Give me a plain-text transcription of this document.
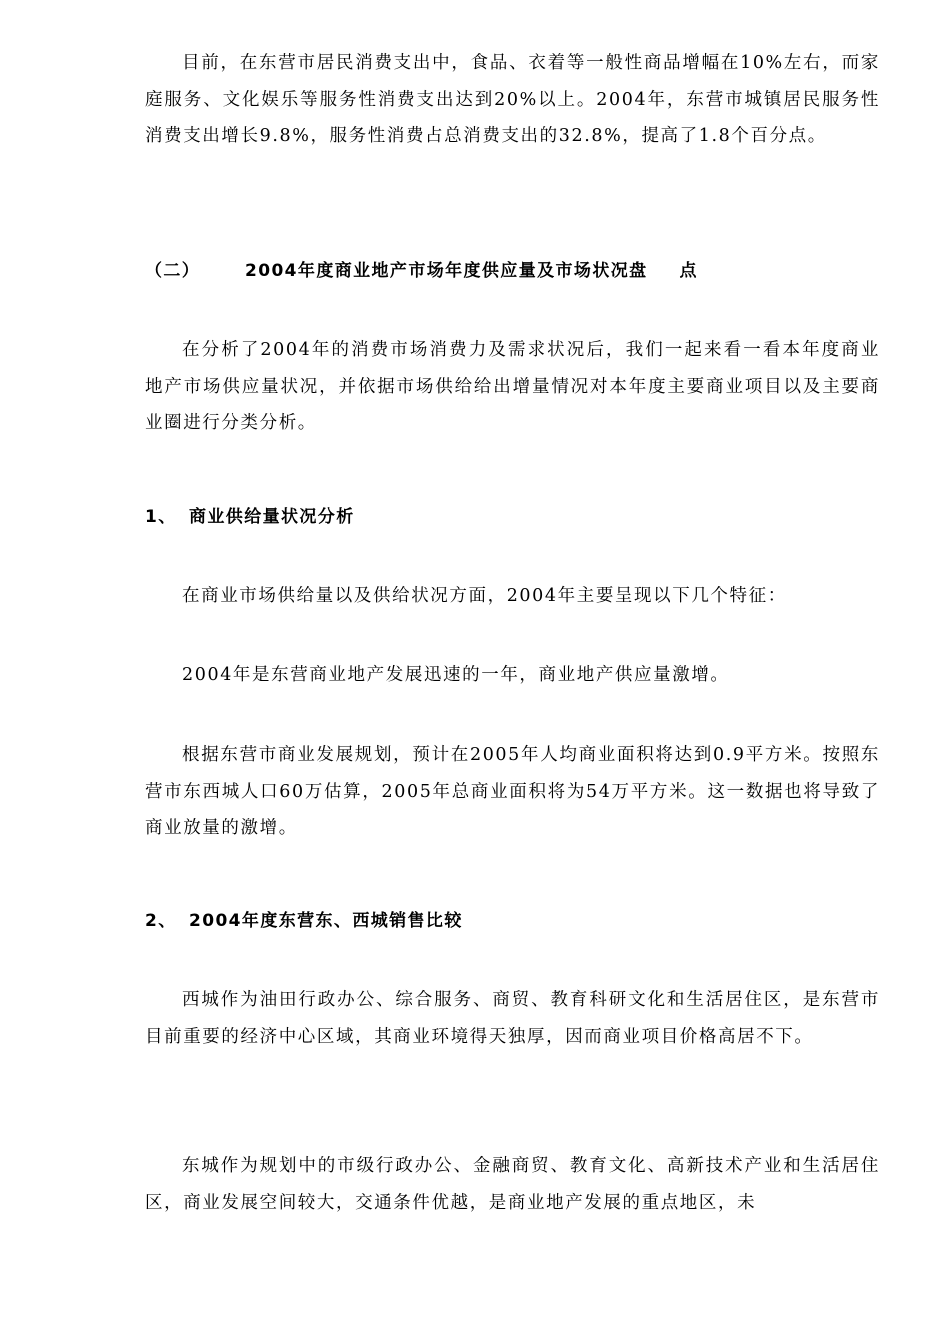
目前，在东营市居民消费支出中，食品、衣着等一般性商品增幅在10%左右，而家庭服务、文化娱乐等服务性消费支出达到20%以上。2004年，东营市城镇居民服务性消费支出增长9.8%，服务性消费占总消费支出的32.8%，提高了1.8个百分点。

（二）	2004年度商业地产市场年度供应量及市场状况盘 点

在分析了2004年的消费市场消费力及需求状况后，我们一起来看一看本年度商业地产市场供应量状况，并依据市场供给给出增量情况对本年度主要商业项目以及主要商业圈进行分类分析。

1、 商业供给量状况分析

在商业市场供给量以及供给状况方面，2004年主要呈现以下几个特征：

2004年是东营商业地产发展迅速的一年，商业地产供应量激增。

根据东营市商业发展规划，预计在2005年人均商业面积将达到0.9平方米。按照东营市东西城人口60万估算，2005年总商业面积将为54万平方米。这一数据也将导致了商业放量的激增。

2、 2004年度东营东、西城销售比较

西城作为油田行政办公、综合服务、商贸、教育科研文化和生活居住区，是东营市目前重要的经济中心区域，其商业环境得天独厚，因而商业项目价格高居不下。

东城作为规划中的市级行政办公、金融商贸、教育文化、高新技术产业和生活居住区，商业发展空间较大，交通条件优越，是商业地产发展的重点地区，未
